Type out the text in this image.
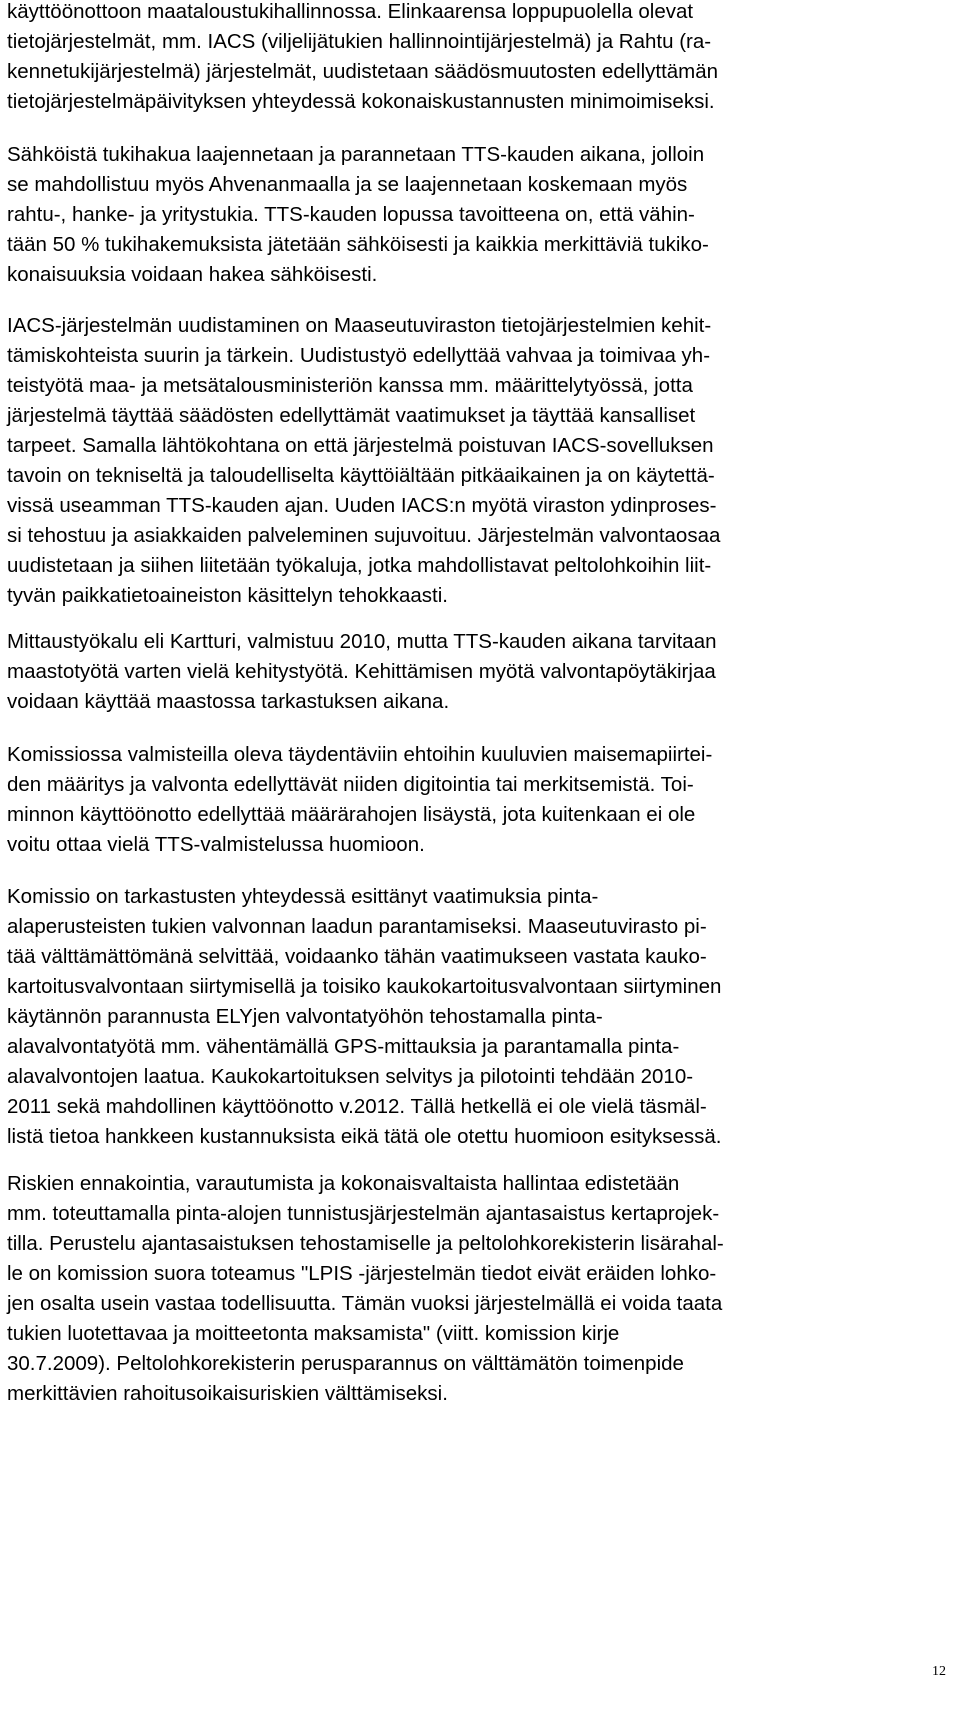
käyttöönottoon maataloustukihallinnossa. Elinkaarensa loppupuolella olevat
tietojärjestelmät, mm. IACS (viljelijätukien hallinnointijärjestelmä) ja Rahtu (ra-
kennetukijärjestelmä) järjestelmät, uudistetaan säädösmuutosten edellyttämän
tietojärjestelmäpäivityksen yhteydessä kokonaiskustannusten minimoimiseksi.

Sähköistä tukihakua laajennetaan ja parannetaan TTS-kauden aikana, jolloin
se mahdollistuu myös Ahvenanmaalla ja se laajennetaan koskemaan myös
rahtu-, hanke- ja yritystukia. TTS-kauden lopussa tavoitteena on, että vähin-
tään 50 % tukihakemuksista jätetään sähköisesti ja kaikkia merkittäviä tukiko-
konaisuuksia voidaan hakea sähköisesti.

IACS-järjestelmän uudistaminen on Maaseutuviraston tietojärjestelmien kehit-
tämiskohteista suurin ja tärkein. Uudistustyö edellyttää vahvaa ja toimivaa yh-
teistyötä maa- ja metsätalousministeriön kanssa mm. määrittelytyössä, jotta
järjestelmä täyttää säädösten edellyttämät vaatimukset ja täyttää kansalliset
tarpeet. Samalla lähtökohtana on että järjestelmä poistuvan IACS-sovelluksen
tavoin on tekniseltä ja taloudelliselta käyttöiältään pitkäaikainen ja on käytettä-
vissä useamman TTS-kauden ajan. Uuden IACS:n myötä viraston ydinproses-
si tehostuu ja asiakkaiden palveleminen sujuvoituu. Järjestelmän valvontaosaa
uudistetaan ja siihen liitetään työkaluja, jotka mahdollistavat peltolohkoihin liit-
tyvän paikkatietoaineiston käsittelyn tehokkaasti.

Mittaustyökalu eli Kartturi, valmistuu 2010, mutta TTS-kauden aikana tarvitaan
maastotyötä varten vielä kehitystyötä. Kehittämisen myötä valvontapöytäkirjaa
voidaan käyttää maastossa tarkastuksen aikana.

Komissiossa valmisteilla oleva täydentäviin ehtoihin kuuluvien maisemapiirtei-
den määritys ja valvonta edellyttävät niiden digitointia tai merkitsemistä. Toi-
minnon käyttöönotto edellyttää määrärahojen lisäystä, jota kuitenkaan ei ole
voitu ottaa vielä TTS-valmistelussa huomioon.

Komissio on tarkastusten yhteydessä esittänyt vaatimuksia pinta-
alaperusteisten tukien valvonnan laadun parantamiseksi. Maaseutuvirasto pi-
tää välttämättömänä selvittää, voidaanko tähän vaatimukseen vastata kauko-
kartoitusvalvontaan siirtymisellä ja toisiko kaukokartoitusvalvontaan siirtyminen
käytännön parannusta ELYjen valvontatyöhön tehostamalla pinta-
alavalvontatyötä mm. vähentämällä GPS-mittauksia ja parantamalla pinta-
alavalvontojen laatua. Kaukokartoituksen selvitys ja pilotointi tehdään 2010-
2011 sekä mahdollinen käyttöönotto v.2012. Tällä hetkellä ei ole vielä täsmäl-
listä tietoa hankkeen kustannuksista eikä tätä ole otettu huomioon esityksessä.

Riskien ennakointia, varautumista ja kokonaisvaltaista hallintaa edistetään
mm. toteuttamalla pinta-alojen tunnistusjärjestelmän ajantasaistus kertaprojek-
tilla. Perustelu ajantasaistuksen tehostamiselle ja peltolohkorekisterin lisärahal-
le on komission suora toteamus "LPIS -järjestelmän tiedot eivät eräiden lohko-
jen osalta usein vastaa todellisuutta. Tämän vuoksi järjestelmällä ei voida taata
tukien luotettavaa ja moitteetonta maksamista" (viitt. komission kirje
30.7.2009). Peltolohkorekisterin perusparannus on välttämätön toimenpide
merkittävien rahoitusoikaisuriskien välttämiseksi.

12
